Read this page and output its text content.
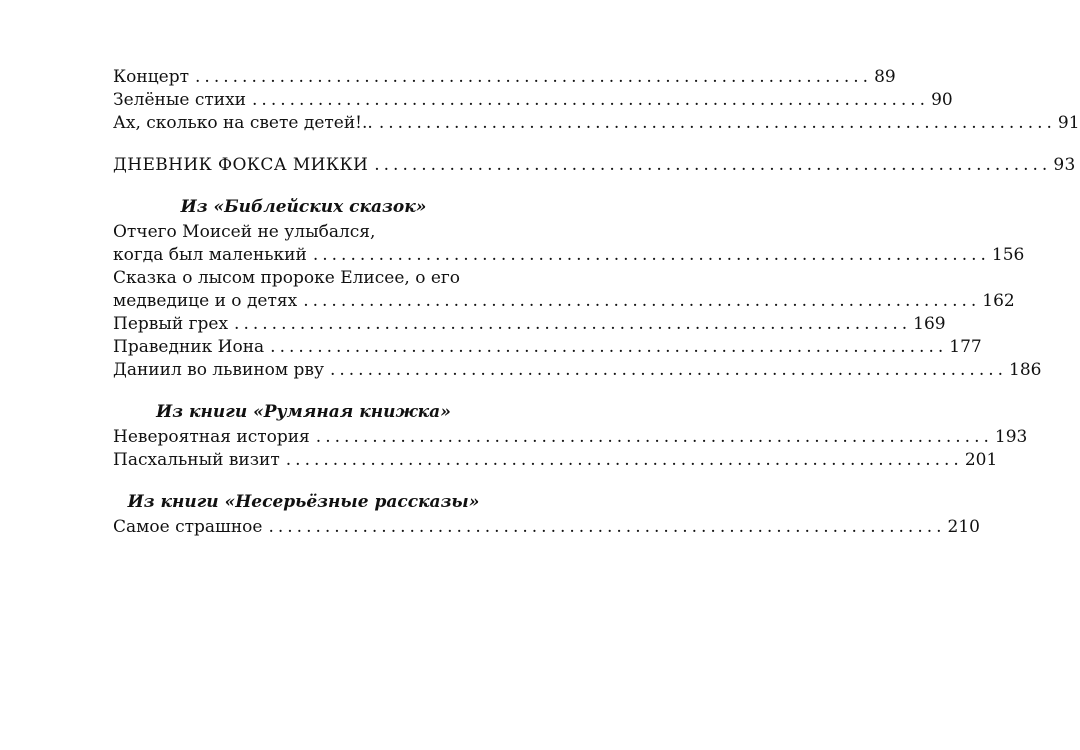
Концерт ........................................................................ 89
Зелёные стихи ........................................................................ 90
Ах, сколько на свете детей!.. ........................................................................ 91
ДНЕВНИК ФОКСА МИККИ ........................................................................ 93
Из «Библейских сказок»
Отчего Моисей не улыбался,
когда был маленький ........................................................................ 156
Сказка о лысом пророке Елисее, о его
медведице и о детях ........................................................................ 162
Первый грех ........................................................................ 169
Праведник Иона ........................................................................ 177
Даниил во львином рву ........................................................................ 186
Из книги «Румяная книжка»
Невероятная история ........................................................................ 193
Пасхальный визит ........................................................................ 201
Из книги «Несерьёзные рассказы»
Самое страшное ........................................................................ 210
